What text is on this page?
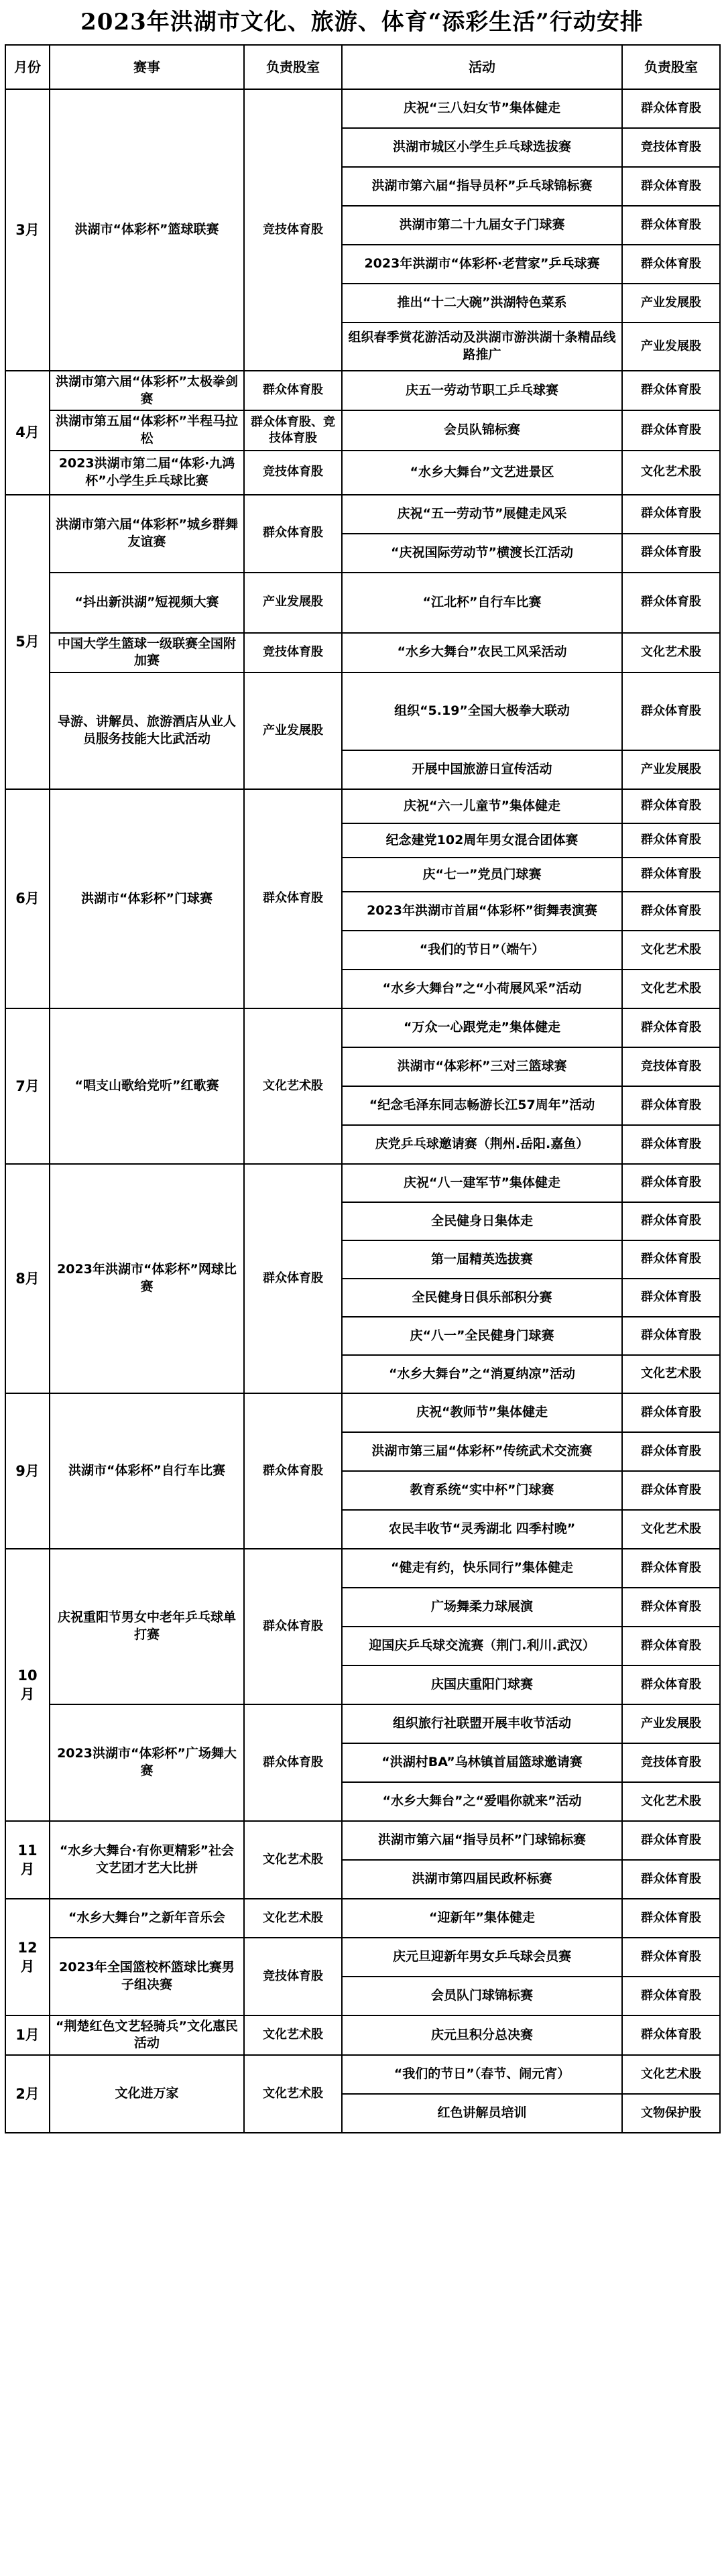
2023年洪湖市文化、旅游、体育“添彩生活”行动安排
月份	赛事	负责股室	活动	负责股室
3月	洪湖市“体彩杯”篮球联赛	竞技体育股	庆祝“三八妇女节”集体健走	群众体育股
			洪湖市城区小学生乒乓球选拔赛	竞技体育股
			洪湖市第六届“指导员杯”乒乓球锦标赛	群众体育股
			洪湖市第二十九届女子门球赛	群众体育股
			2023年洪湖市“体彩杯·老营家”乒乓球赛	群众体育股
			推出“十二大碗”洪湖特色菜系	产业发展股
			组织春季赏花游活动及洪湖市游洪湖十条精品线路推广	产业发展股
4月	洪湖市第六届“体彩杯”太极拳剑赛	群众体育股	庆五一劳动节职工乒乓球赛	群众体育股
	洪湖市第五届“体彩杯”半程马拉松	群众体育股、竞技体育股	会员队锦标赛	群众体育股
	2023洪湖市第二届“体彩·九鸿杯”小学生乒乓球比赛	竞技体育股	“水乡大舞台”文艺进景区	文化艺术股
5月	洪湖市第六届“体彩杯”城乡群舞友谊赛	群众体育股	庆祝“五一劳动节”展健走风采	群众体育股
			“庆祝国际劳动节”横渡长江活动	群众体育股
	“抖出新洪湖”短视频大赛	产业发展股	“江北杯”自行车比赛	群众体育股
	中国大学生篮球一级联赛全国附加赛	竞技体育股	“水乡大舞台”农民工风采活动	文化艺术股
	导游、讲解员、旅游酒店从业人员服务技能大比武活动	产业发展股	组织“5.19”全国大极拳大联动	群众体育股
			开展中国旅游日宣传活动	产业发展股
6月	洪湖市“体彩杯”门球赛	群众体育股	庆祝“六一儿童节”集体健走	群众体育股
			纪念建党102周年男女混合团体赛	群众体育股
			庆“七一”党员门球赛	群众体育股
			2023年洪湖市首届“体彩杯”街舞表演赛	群众体育股
			“我们的节日”（端午）	文化艺术股
			“水乡大舞台”之“小荷展风采”活动	文化艺术股
7月	“唱支山歌给党听”红歌赛	文化艺术股	“万众一心跟党走”集体健走	群众体育股
			洪湖市“体彩杯”三对三篮球赛	竞技体育股
			“纪念毛泽东同志畅游长江57周年”活动	群众体育股
			庆党乒乓球邀请赛（荆州.岳阳.嘉鱼）	群众体育股
8月	2023年洪湖市“体彩杯”网球比赛	群众体育股	庆祝“八一建军节”集体健走	群众体育股
			全民健身日集体走	群众体育股
			第一届精英选拔赛	群众体育股
			全民健身日俱乐部积分赛	群众体育股
			庆“八一”全民健身门球赛	群众体育股
			“水乡大舞台”之“消夏纳凉”活动	文化艺术股
9月	洪湖市“体彩杯”自行车比赛	群众体育股	庆祝“教师节”集体健走	群众体育股
			洪湖市第三届“体彩杯”传统武术交流赛	群众体育股
			教育系统“实中杯”门球赛	群众体育股
			农民丰收节“灵秀湖北 四季村晚”	文化艺术股
10月	庆祝重阳节男女中老年乒乓球单打赛	群众体育股	“健走有约，快乐同行”集体健走	群众体育股
			广场舞柔力球展演	群众体育股
			迎国庆乒乓球交流赛（荆门.利川.武汉）	群众体育股
			庆国庆重阳门球赛	群众体育股
	2023洪湖市“体彩杯”广场舞大赛	群众体育股	组织旅行社联盟开展丰收节活动	产业发展股
			“洪湖村BA”乌林镇首届篮球邀请赛	竞技体育股
			“水乡大舞台”之“爱唱你就来”活动	文化艺术股
11月	“水乡大舞台·有你更精彩”社会文艺团才艺大比拼	文化艺术股	洪湖市第六届“指导员杯”门球锦标赛	群众体育股
			洪湖市第四届民政杯标赛	群众体育股
12月	“水乡大舞台”之新年音乐会	文化艺术股	“迎新年”集体健走	群众体育股
	2023年全国篮校杯篮球比赛男子组决赛	竞技体育股	庆元旦迎新年男女乒乓球会员赛	群众体育股
			会员队门球锦标赛	群众体育股
1月	“荆楚红色文艺轻骑兵”文化惠民活动	文化艺术股	庆元旦积分总决赛	群众体育股
2月	文化进万家	文化艺术股	“我们的节日”（春节、闹元宵）	文化艺术股
			红色讲解员培训	文物保护股
